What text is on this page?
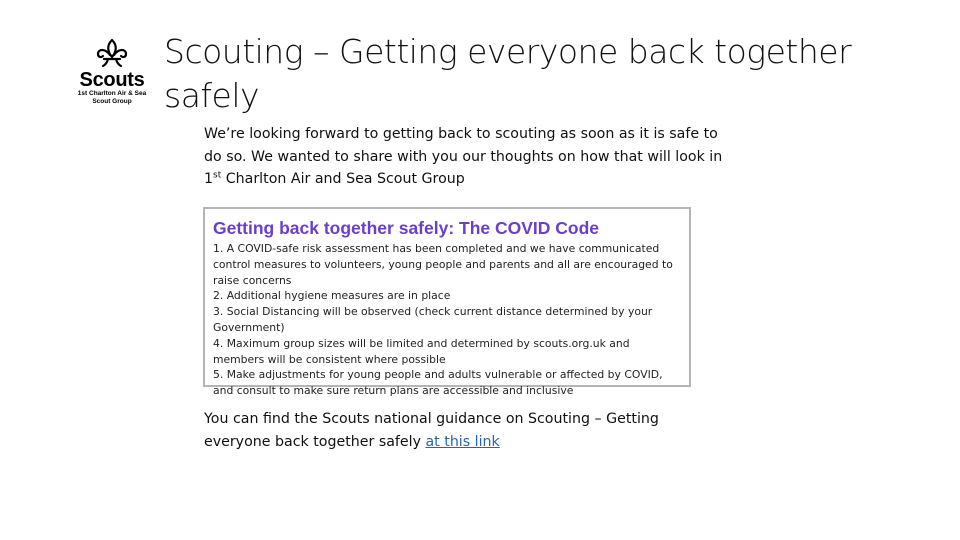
Scouts
1st Charlton Air & Sea
Scout Group
Scouting – Getting everyone back together safely
We’re looking forward to getting back to scouting as soon as it is safe to do so. We wanted to share with you our thoughts on how that will look in 1st Charlton Air and Sea Scout Group
Getting back together safely: The COVID Code
1. A COVID-safe risk assessment has been completed and we have communicated control measures to volunteers, young people and parents and all are encouraged to raise concerns
2. Additional hygiene measures are in place
3. Social Distancing will be observed (check current distance determined by your Government)
4. Maximum group sizes will be limited and determined by scouts.org.uk and members will be consistent where possible
5. Make adjustments for young people and adults vulnerable or affected by COVID, and consult to make sure return plans are accessible and inclusive
You can find the Scouts national guidance on Scouting – Getting everyone back together safely at this link
